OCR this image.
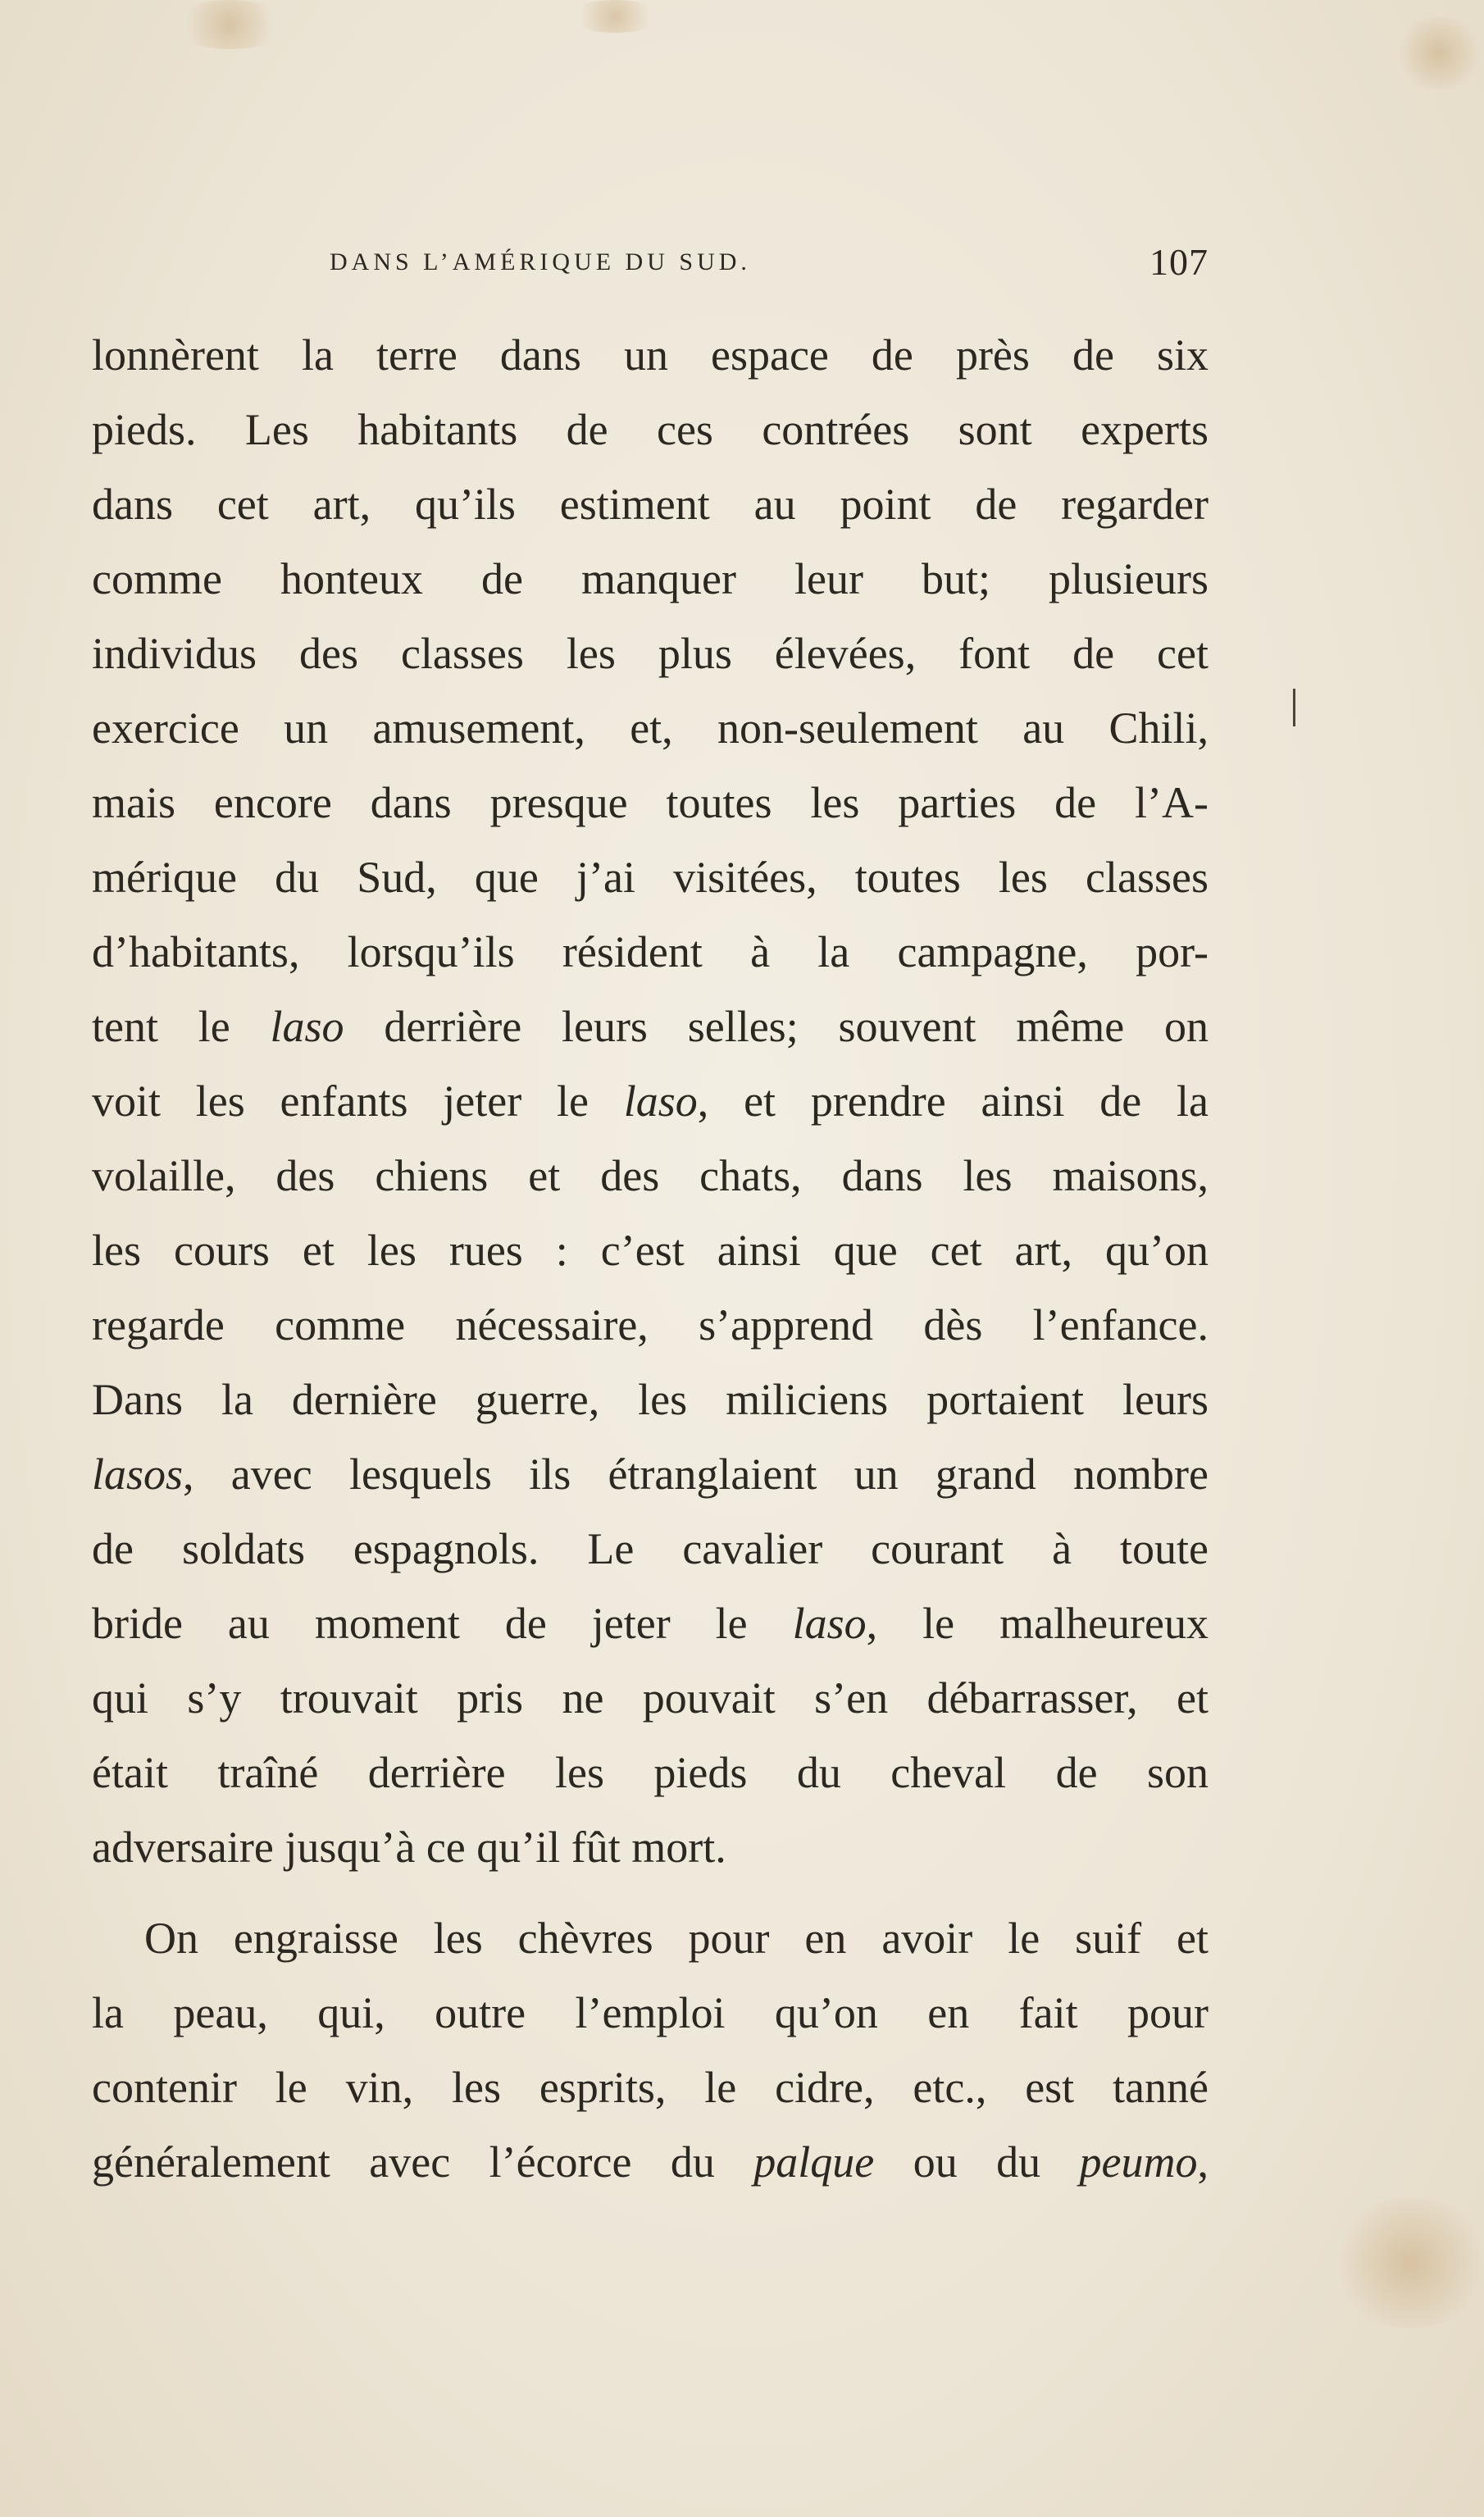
DANS L’AMÉRIQUE DU SUD.	107
lonnèrent la terre dans un espace de près de six
pieds. Les habitants de ces contrées sont experts
dans cet art, qu’ils estiment au point de regarder
comme honteux de manquer leur but; plusieurs
individus des classes les plus élevées, font de cet
exercice un amusement, et, non-seulement au Chili,
mais encore dans presque toutes les parties de l’A-
mérique du Sud, que j’ai visitées, toutes les classes
d’habitants, lorsqu’ils résident à la campagne, por-
tent le laso derrière leurs selles; souvent même on
voit les enfants jeter le laso, et prendre ainsi de la
volaille, des chiens et des chats, dans les maisons,
les cours et les rues : c’est ainsi que cet art, qu’on
regarde comme nécessaire, s’apprend dès l’enfance.
Dans la dernière guerre, les miliciens portaient leurs
lasos, avec lesquels ils étranglaient un grand nombre
de soldats espagnols. Le cavalier courant à toute
bride au moment de jeter le laso, le malheureux
qui s’y trouvait pris ne pouvait s’en débarrasser, et
était traîné derrière les pieds du cheval de son
adversaire jusqu’à ce qu’il fût mort.
On engraisse les chèvres pour en avoir le suif et
la peau, qui, outre l’emploi qu’on en fait pour
contenir le vin, les esprits, le cidre, etc., est tanné
généralement avec l’écorce du palque ou du peumo,
